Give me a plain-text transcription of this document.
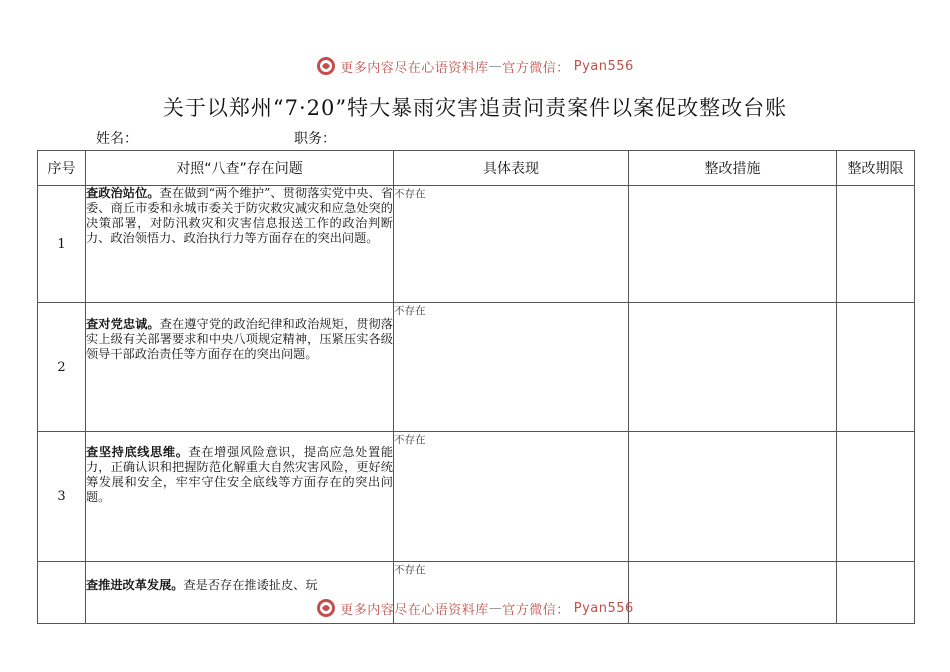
更多内容尽在心语资料库 — 官方微信： Pyan556
关于以郑州“7·20”特大暴雨灾害追责问责案件以案促改整改台账
姓名：	职务：
序号	对照“八查”存在问题	具体表现	整改措施	整改期限
1	查政治站位。查在做到“两个维护”、贯彻落实党中央、省委、商丘市委和永城市委关于防灾救灾减灾和应急处突的决策部署，对防汛救灾和灾害信息报送工作的政治判断力、政治领悟力、政治执行力等方面存在的突出问题。	不存在		
2	查对党忠诚。查在遵守党的政治纪律和政治规矩，贯彻落实上级有关部署要求和中央八项规定精神，压紧压实各级领导干部政治责任等方面存在的突出问题。	不存在		
3	查坚持底线思维。查在增强风险意识，提高应急处置能力，正确认识和把握防范化解重大自然灾害风险，更好统筹发展和安全，牢牢守住安全底线等方面存在的突出问题。	不存在		
	查推进改革发展。查是否存在推诿扯皮、玩	不存在		
更多内容尽在心语资料库 — 官方微信： Pyan556
